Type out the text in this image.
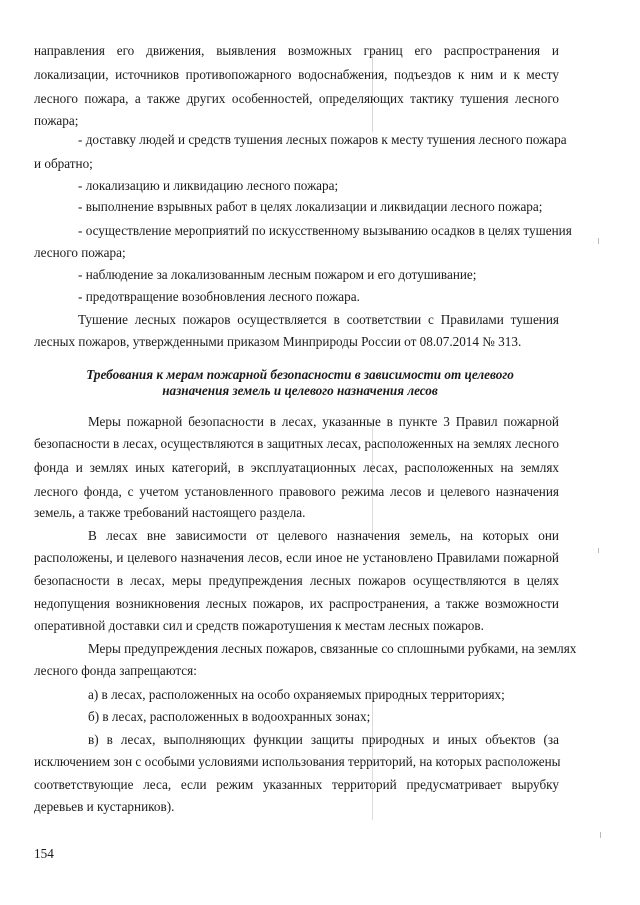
направления его движения, выявления возможных границ его распространения и
локализации, источников противопожарного водоснабжения, подъездов к ним и к месту
лесного пожара, а также других особенностей, определяющих тактику тушения лесного
пожара;
- доставку людей и средств тушения лесных пожаров к месту тушения лесного пожара
и обратно;
- локализацию и ликвидацию лесного пожара;
- выполнение взрывных работ в целях локализации и ликвидации лесного пожара;
- осуществление мероприятий по искусственному вызыванию осадков в целях тушения
лесного пожара;
- наблюдение за локализованным лесным пожаром и его дотушивание;
- предотвращение возобновления лесного пожара.
Тушение лесных пожаров осуществляется в соответствии с Правилами тушения
лесных пожаров, утвержденными приказом Минприроды России от 08.07.2014 № 313.
Требования к мерам пожарной безопасности в зависимости от целевого
назначения земель и целевого назначения лесов
Меры пожарной безопасности в лесах, указанные в пункте 3 Правил пожарной
безопасности в лесах, осуществляются в защитных лесах, расположенных на землях лесного
фонда и землях иных категорий, в эксплуатационных лесах, расположенных на землях
лесного фонда, с учетом установленного правового режима лесов и целевого назначения
земель, а также требований настоящего раздела.
В лесах вне зависимости от целевого назначения земель, на которых они
расположены, и целевого назначения лесов, если иное не установлено Правилами пожарной
безопасности в лесах, меры предупреждения лесных пожаров осуществляются в целях
недопущения возникновения лесных пожаров, их распространения, а также возможности
оперативной доставки сил и средств пожаротушения к местам лесных пожаров.
Меры предупреждения лесных пожаров, связанные со сплошными рубками, на землях
лесного фонда запрещаются:
а) в лесах, расположенных на особо охраняемых природных территориях;
б) в лесах, расположенных в водоохранных зонах;
в) в лесах, выполняющих функции защиты природных и иных объектов (за
исключением зон с особыми условиями использования территорий, на которых расположены
соответствующие леса, если режим указанных территорий предусматривает вырубку
деревьев и кустарников).
154
